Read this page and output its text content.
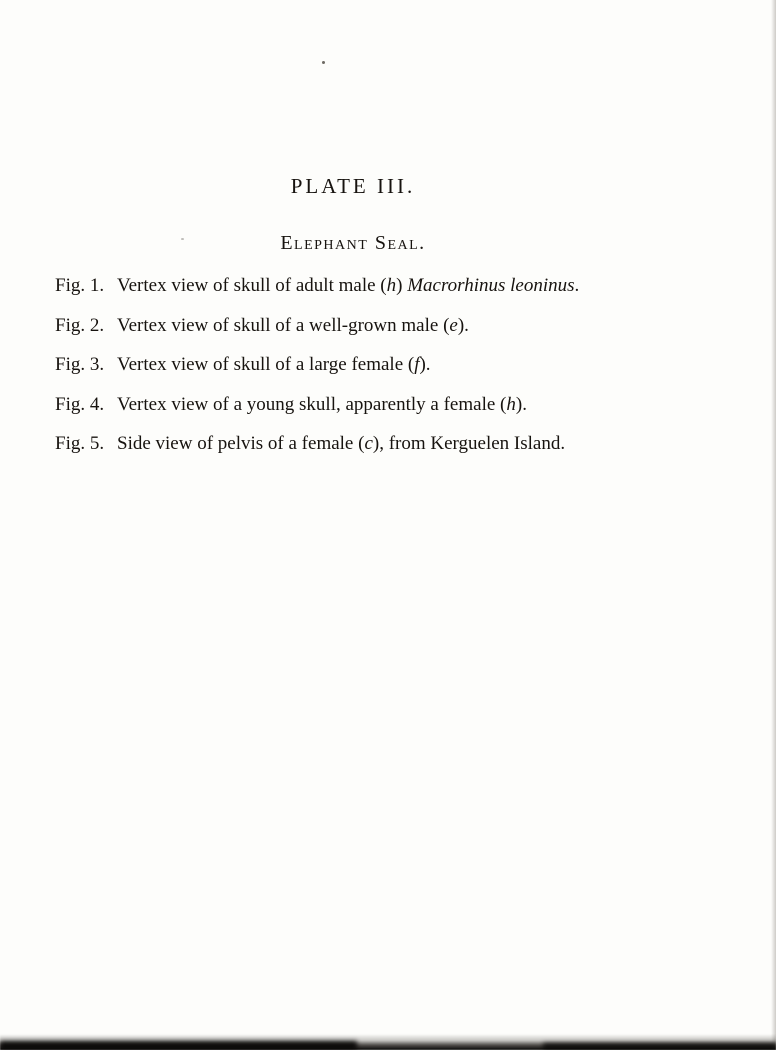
PLATE III.
Elephant Seal.
Fig. 1. Vertex view of skull of adult male (h) Macrorhinus leoninus.
Fig. 2. Vertex view of skull of a well-grown male (e).
Fig. 3. Vertex view of skull of a large female (f).
Fig. 4. Vertex view of a young skull, apparently a female (h).
Fig. 5. Side view of pelvis of a female (c), from Kerguelen Island.
